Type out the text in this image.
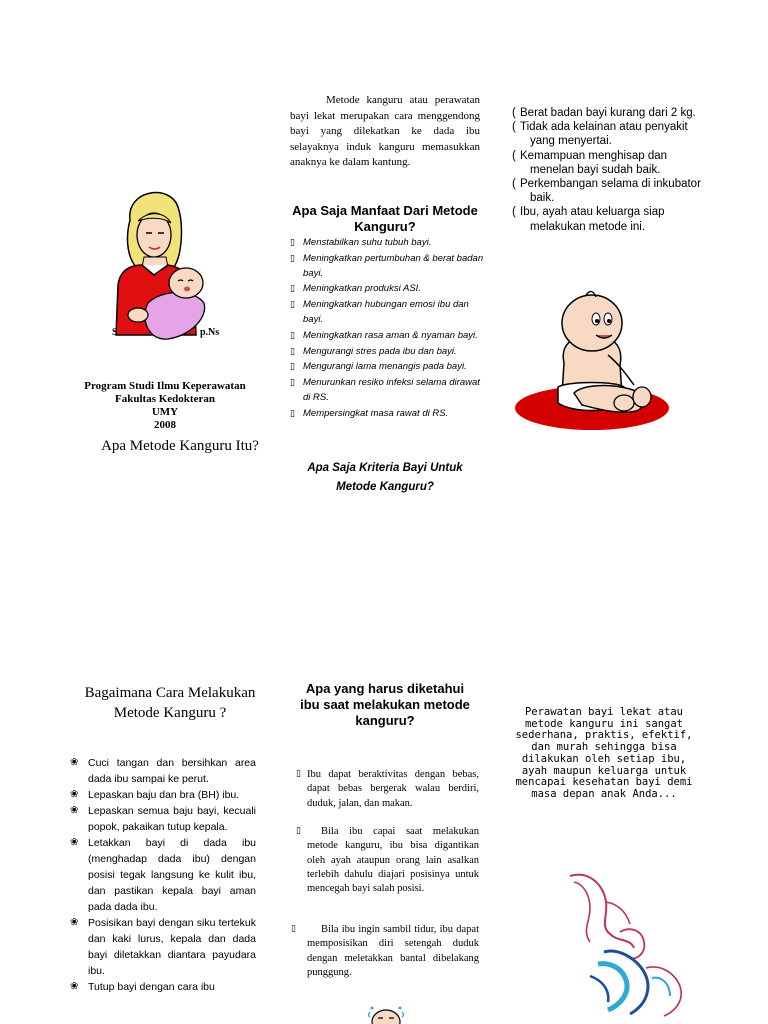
S	p.Ns
Program Studi Ilmu Keperawatan
Fakultas Kedokteran
UMY
2008
Apa Metode Kanguru Itu?
Metode kanguru atau perawatan bayi lekat merupakan cara menggendong bayi yang dilekatkan ke dada ibu selayaknya induk kanguru memasukkan anaknya ke dalam kantung.
Apa Saja Manfaat Dari Metode Kanguru?
▯ Menstabilkan suhu tubuh bayi.
▯ Meningkatkan pertumbuhan & berat badan bayi.
▯ Meningkatkan produksi ASI.
▯ Meningkatkan hubungan emosi ibu dan bayi.
▯ Meningkatkan rasa aman & nyaman bayi.
▯ Mengurangi stres pada ibu dan bayi.
▯ Mengurangi lama menangis pada bayi.
▯ Menurunkan resiko infeksi selama dirawat di RS.
▯ Mempersingkat masa rawat di RS.
Apa Saja Kriteria Bayi Untuk Metode Kanguru?
( Berat badan bayi kurang dari 2 kg.
( Tidak ada kelainan atau penyakit yang menyertai.
( Kemampuan menghisap dan menelan bayi sudah baik.
( Perkembangan selama di inkubator baik.
( Ibu, ayah atau keluarga siap melakukan metode ini.
Bagaimana Cara Melakukan Metode Kanguru ?
❀ Cuci tangan dan bersihkan area dada ibu sampai ke perut.
❀ Lepaskan baju dan bra (BH) ibu.
❀ Lepaskan semua baju bayi, kecuali popok, pakaikan tutup kepala.
❀ Letakkan bayi di dada ibu (menghadap dada ibu) dengan posisi tegak langsung ke kulit ibu, dan pastikan kepala bayi aman pada dada ibu.
❀ Posisikan bayi dengan siku tertekuk dan kaki lurus, kepala dan dada bayi diletakkan diantara payudara ibu.
❀ Tutup bayi dengan cara ibu
Apa yang harus diketahui ibu saat melakukan metode kanguru?
▯ Ibu dapat beraktivitas dengan bebas, dapat bebas bergerak walau berdiri, duduk, jalan, dan makan.
▯	Bila ibu capai saat melakukan metode kanguru, ibu bisa digantikan oleh ayah ataupun orang lain asalkan terlebih dahulu diajari posisinya untuk mencegah bayi salah posisi.
▯	Bila ibu ingin sambil tidur, ibu dapat memposisikan diri setengah duduk dengan meletakkan bantal dibelakang punggung.
Perawatan bayi lekat atau metode kanguru ini sangat sederhana, praktis, efektif, dan murah sehingga bisa dilakukan oleh setiap ibu, ayah maupun keluarga untuk mencapai kesehatan bayi demi masa depan anak Anda...
